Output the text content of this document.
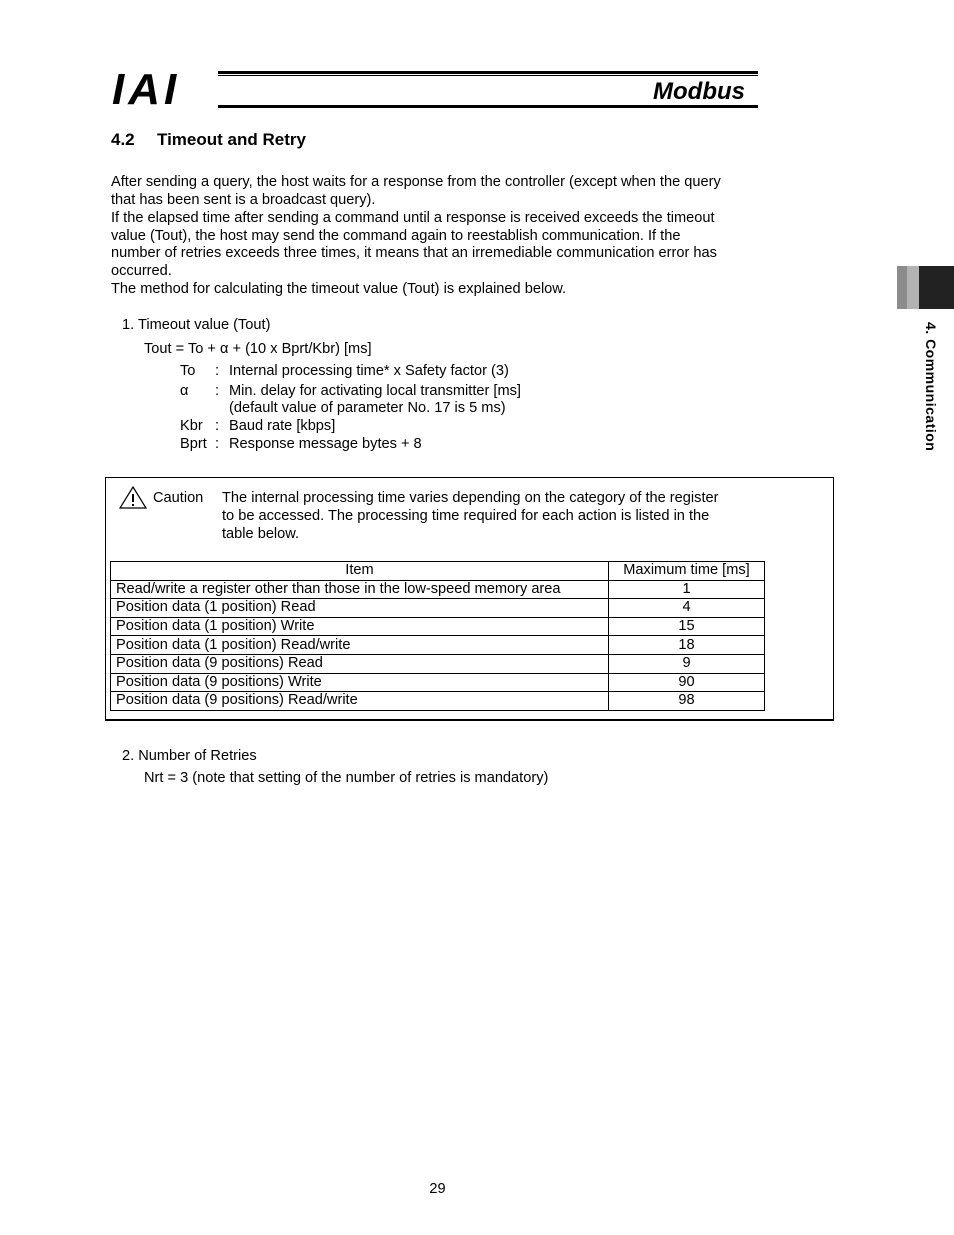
IAI	Modbus
4. Communication
4.2 Timeout and Retry
After sending a query, the host waits for a response from the controller (except when the query
that has been sent is a broadcast query).
If the elapsed time after sending a command until a response is received exceeds the timeout
value (Tout), the host may send the command again to reestablish communication. If the
number of retries exceeds three times, it means that an irremediable communication error has
occurred.
The method for calculating the timeout value (Tout) is explained below.
1. Timeout value (Tout)
Tout = To + α + (10 x Bprt/Kbr) [ms]
To : Internal processing time* x Safety factor (3)
α : Min. delay for activating local transmitter [ms]
(default value of parameter No. 17 is 5 ms)
Kbr : Baud rate [kbps]
Bprt : Response message bytes + 8
Caution The internal processing time varies depending on the category of the register
to be accessed. The processing time required for each action is listed in the
table below.
Item	Maximum time [ms]
Read/write a register other than those in the low-speed memory area	1
Position data (1 position) Read	4
Position data (1 position) Write	15
Position data (1 position) Read/write	18
Position data (9 positions) Read	9
Position data (9 positions) Write	90
Position data (9 positions) Read/write	98
2. Number of Retries
Nrt = 3 (note that setting of the number of retries is mandatory)
29
